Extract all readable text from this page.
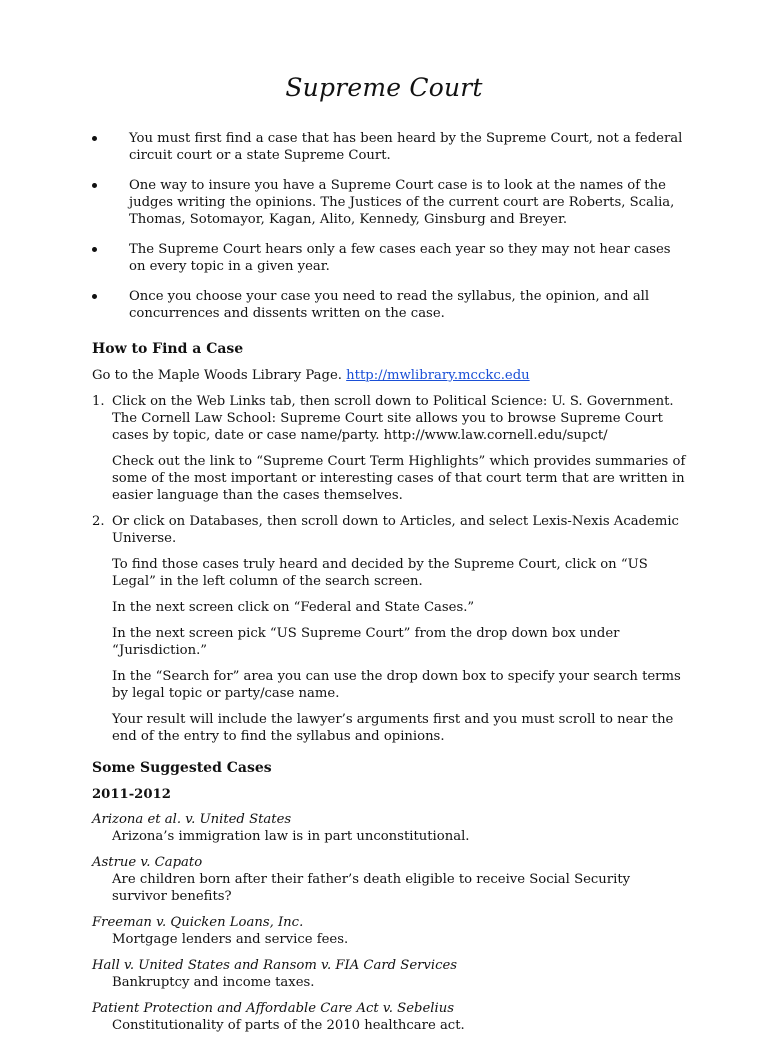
Supreme Court
You must first find a case that has been heard by the Supreme Court, not a federal circuit court or a state Supreme Court.
One way to insure you have a Supreme Court case is to look at the names of the judges writing the opinions. The Justices of the current court are Roberts, Scalia, Thomas, Sotomayor, Kagan, Alito, Kennedy, Ginsburg and Breyer.
The Supreme Court hears only a few cases each year so they may not hear cases on every topic in a given year.
Once you choose your case you need to read the syllabus, the opinion, and all concurrences and dissents written on the case.
How to Find a Case

Go to the Maple Woods Library Page. http://mwlibrary.mcckc.edu

1. Click on the Web Links tab, then scroll down to Political Science: U. S. Government. The Cornell Law School: Supreme Court site allows you to browse Supreme Court cases by topic, date or case name/party. http://www.law.cornell.edu/supct/

Check out the link to “Supreme Court Term Highlights” which provides summaries of some of the most important or interesting cases of that court term that are written in easier language than the cases themselves.

2. Or click on Databases, then scroll down to Articles, and select Lexis-Nexis Academic Universe.

To find those cases truly heard and decided by the Supreme Court, click on “US Legal” in the left column of the search screen.

In the next screen click on “Federal and State Cases.”

In the next screen pick “US Supreme Court” from the drop down box under “Jurisdiction.”

In the “Search for” area you can use the drop down box to specify your search terms by legal topic or party/case name.

Your result will include the lawyer’s arguments first and you must scroll to near the end of the entry to find the syllabus and opinions.

Some Suggested Cases
2011-2012
Arizona et al. v. United States
Arizona’s immigration law is in part unconstitutional.
Astrue v. Capato
Are children born after their father’s death eligible to receive Social Security survivor benefits?
Freeman v. Quicken Loans, Inc.
Mortgage lenders and service fees.
Hall v. United States and Ransom v. FIA Card Services
Bankruptcy and income taxes.
Patient Protection and Affordable Care Act v. Sebelius
Constitutionality of parts of the 2010 healthcare act.
